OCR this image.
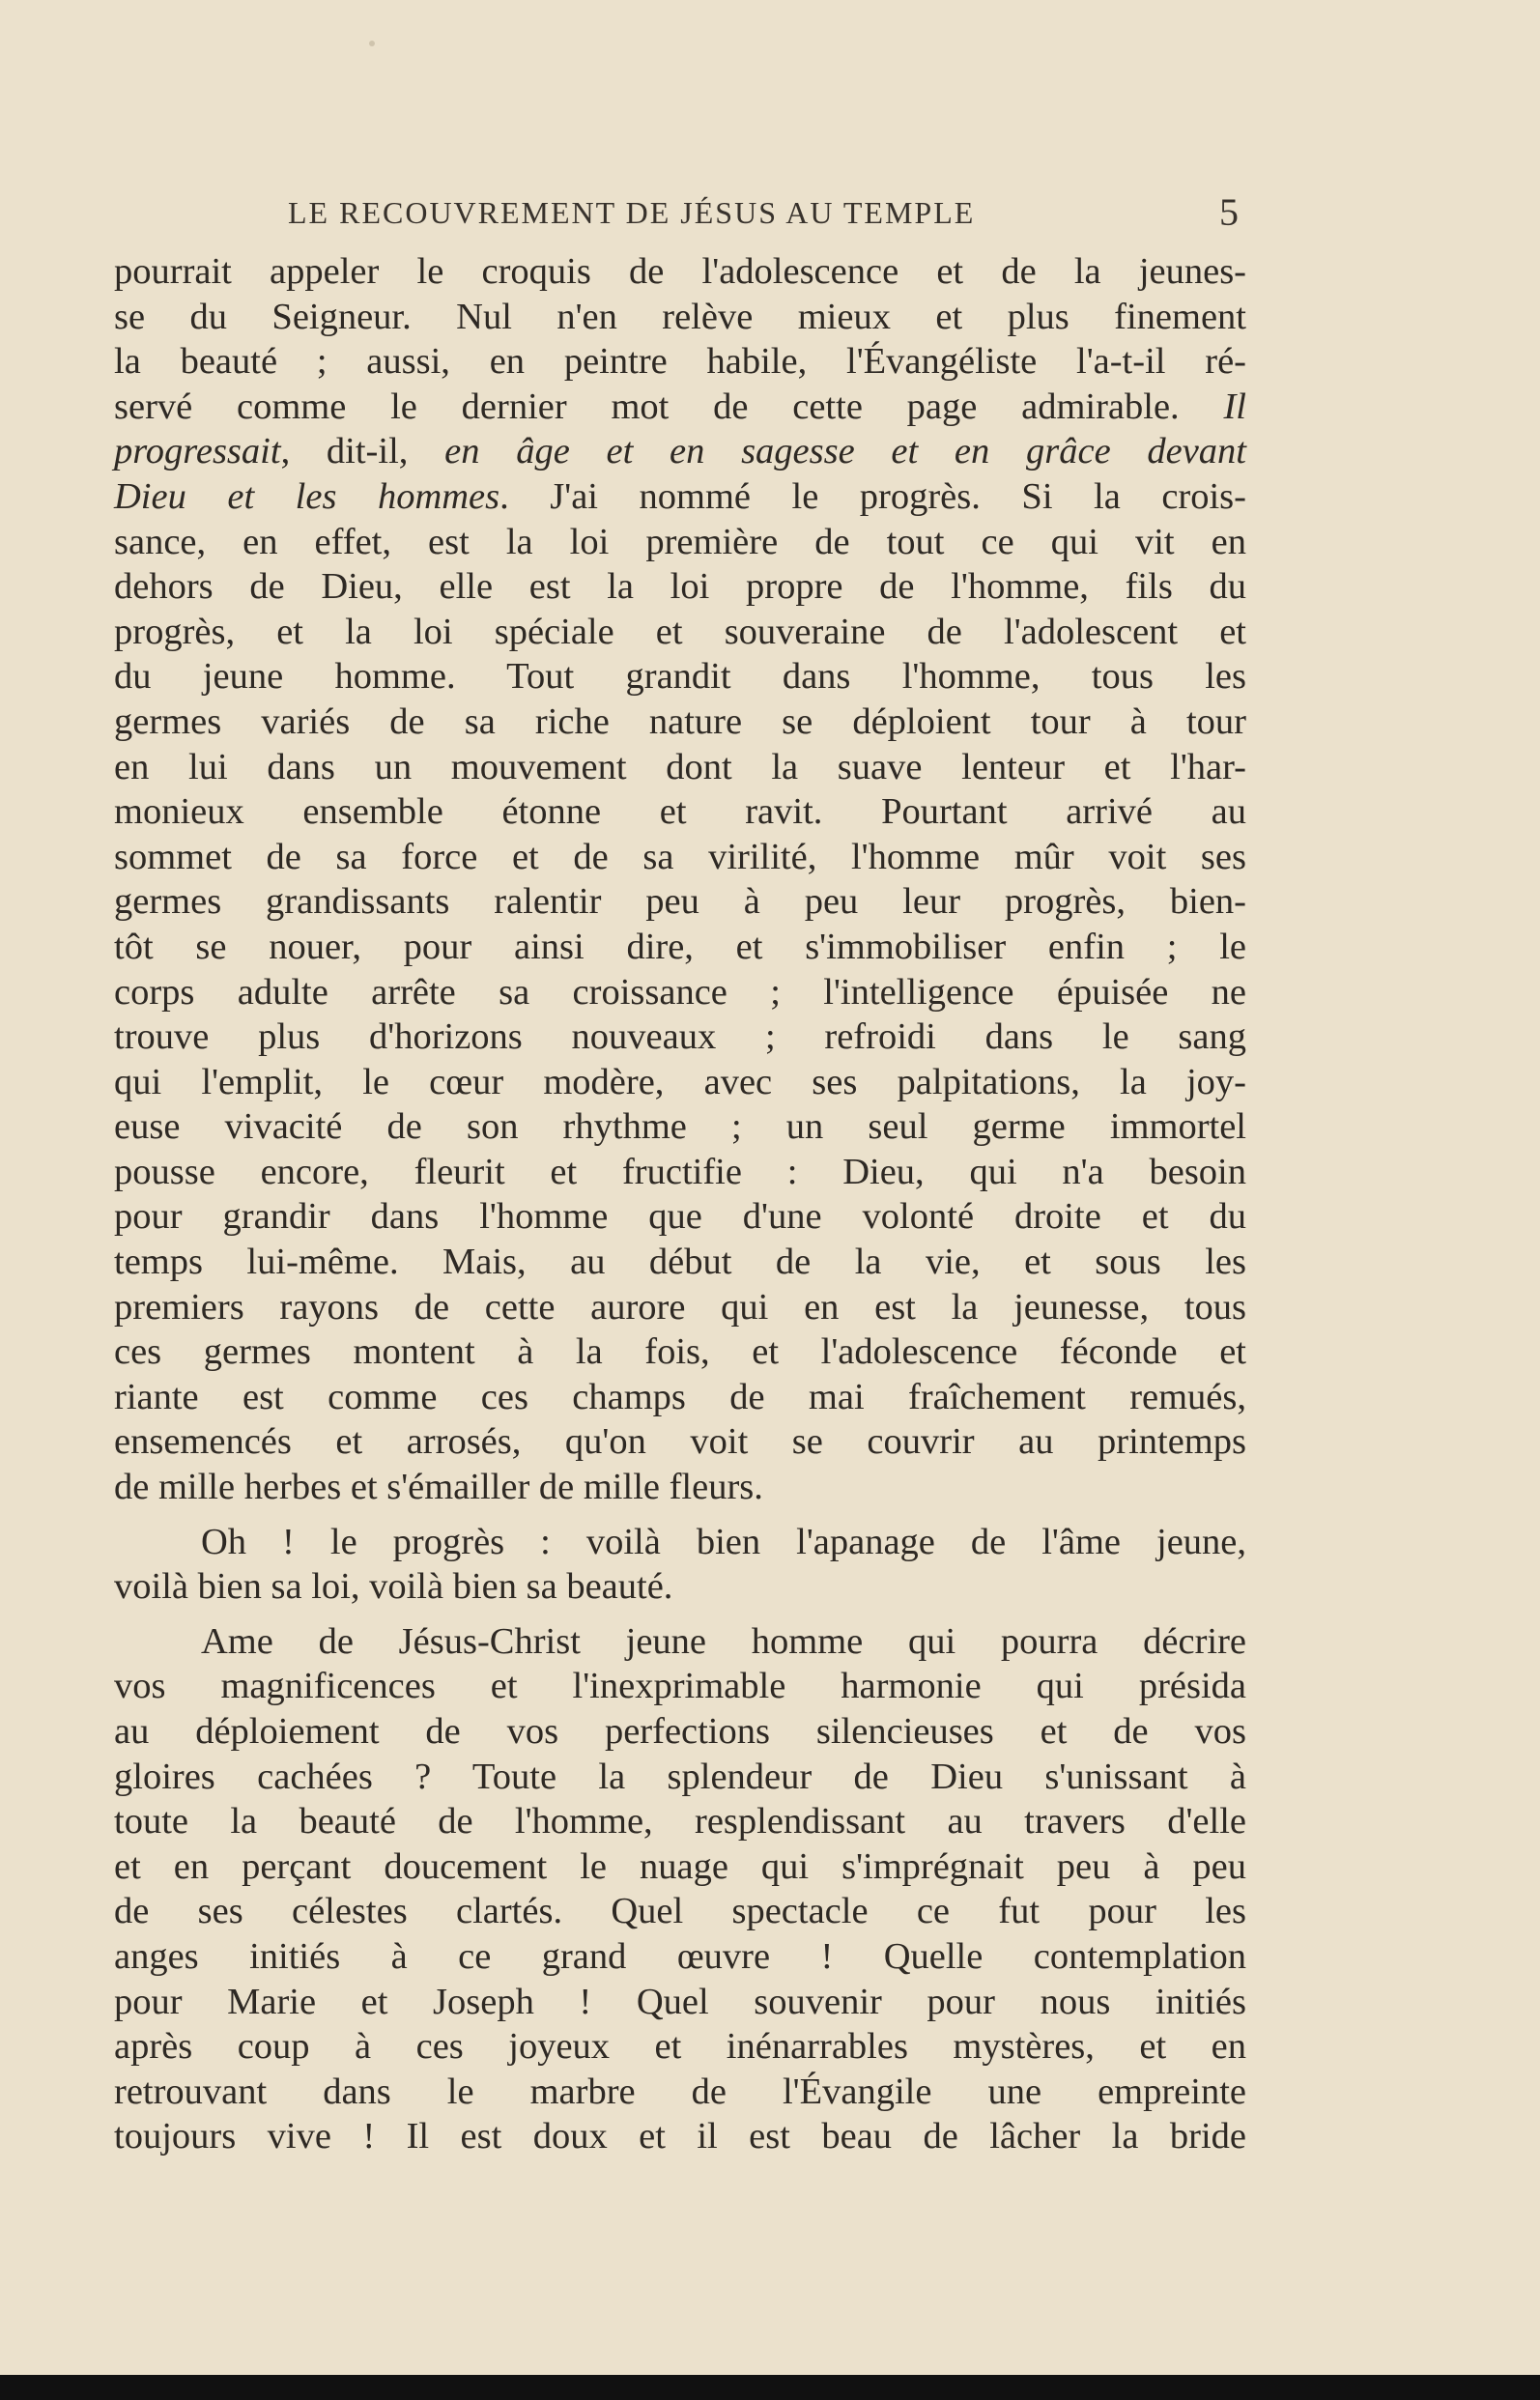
LE RECOUVREMENT DE JÉSUS AU TEMPLE	5

pourrait appeler le croquis de l'adolescence et de la jeunes-
se du Seigneur. Nul n'en relève mieux et plus finement
la beauté ; aussi, en peintre habile, l'Évangéliste l'a-t-il ré-
servé comme le dernier mot de cette page admirable. Il
progressait, dit-il, en âge et en sagesse et en grâce devant
Dieu et les hommes. J'ai nommé le progrès. Si la crois-
sance, en effet, est la loi première de tout ce qui vit en
dehors de Dieu, elle est la loi propre de l'homme, fils du
progrès, et la loi spéciale et souveraine de l'adolescent et
du jeune homme. Tout grandit dans l'homme, tous les
germes variés de sa riche nature se déploient tour à tour
en lui dans un mouvement dont la suave lenteur et l'har-
monieux ensemble étonne et ravit. Pourtant arrivé au
sommet de sa force et de sa virilité, l'homme mûr voit ses
germes grandissants ralentir peu à peu leur progrès, bien-
tôt se nouer, pour ainsi dire, et s'immobiliser enfin ; le
corps adulte arrête sa croissance ; l'intelligence épuisée ne
trouve plus d'horizons nouveaux ; refroidi dans le sang
qui l'emplit, le cœur modère, avec ses palpitations, la joy-
euse vivacité de son rhythme ; un seul germe immortel
pousse encore, fleurit et fructifie : Dieu, qui n'a besoin
pour grandir dans l'homme que d'une volonté droite et du
temps lui-même. Mais, au début de la vie, et sous les
premiers rayons de cette aurore qui en est la jeunesse, tous
ces germes montent à la fois, et l'adolescence féconde et
riante est comme ces champs de mai fraîchement remués,
ensemencés et arrosés, qu'on voit se couvrir au printemps
de mille herbes et s'émailler de mille fleurs.

Oh ! le progrès : voilà bien l'apanage de l'âme jeune,
voilà bien sa loi, voilà bien sa beauté.

Ame de Jésus-Christ jeune homme qui pourra décrire
vos magnificences et l'inexprimable harmonie qui présida
au déploiement de vos perfections silencieuses et de vos
gloires cachées ? Toute la splendeur de Dieu s'unissant à
toute la beauté de l'homme, resplendissant au travers d'elle
et en perçant doucement le nuage qui s'imprégnait peu à peu
de ses célestes clartés. Quel spectacle ce fut pour les
anges initiés à ce grand œuvre ! Quelle contemplation
pour Marie et Joseph ! Quel souvenir pour nous initiés
après coup à ces joyeux et inénarrables mystères, et en
retrouvant dans le marbre de l'Évangile une empreinte
toujours vive ! Il est doux et il est beau de lâcher la bride
